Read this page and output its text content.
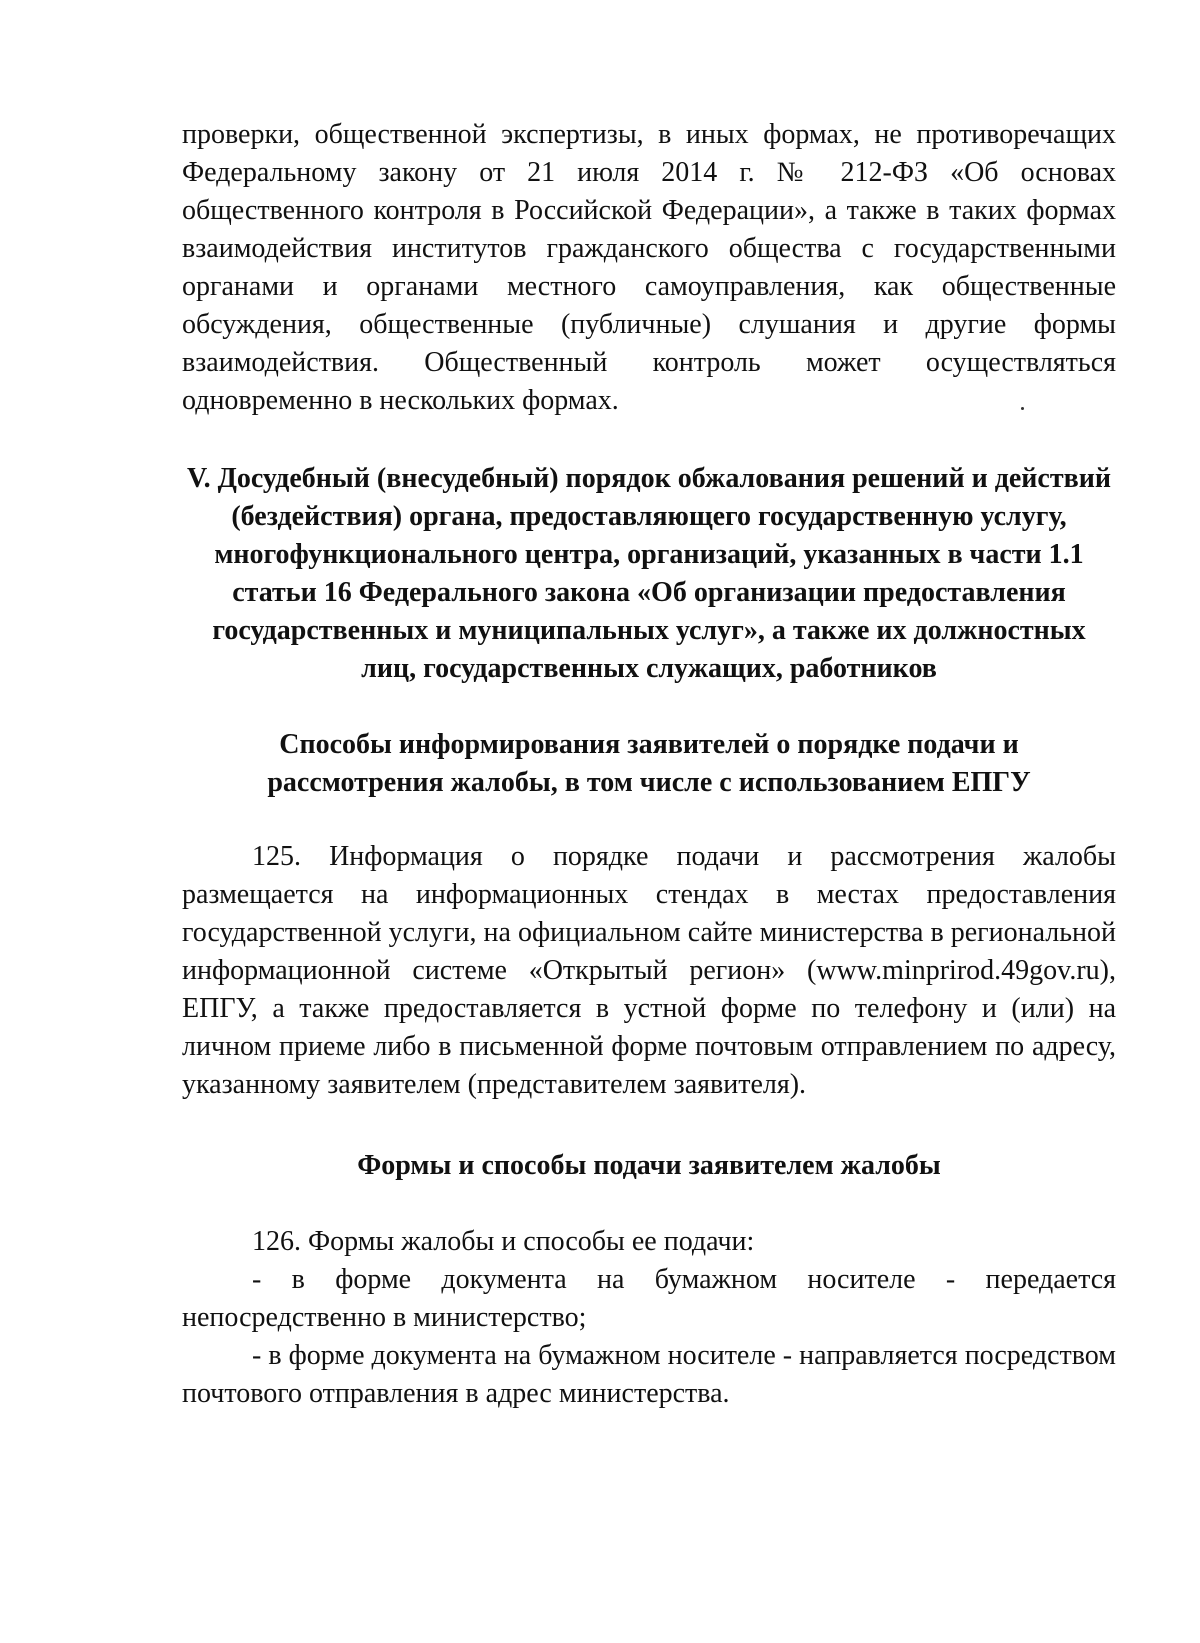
проверки, общественной экспертизы, в иных формах, не противоречащих Федеральному закону от 21 июля 2014 г. № 212-ФЗ «Об основах общественного контроля в Российской Федерации», а также в таких формах взаимодействия институтов гражданского общества с государственными органами и органами местного самоуправления, как общественные обсуждения, общественные (публичные) слушания и другие формы взаимодействия. Общественный контроль может осуществляться одновременно в нескольких формах.

V. Досудебный (внесудебный) порядок обжалования решений и действий (бездействия) органа, предоставляющего государственную услугу, многофункционального центра, организаций, указанных в части 1.1 статьи 16 Федерального закона «Об организации предоставления государственных и муниципальных услуг», а также их должностных лиц, государственных служащих, работников
Способы информирования заявителей о порядке подачи и рассмотрения жалобы, в том числе с использованием ЕПГУ

125. Информация о порядке подачи и рассмотрения жалобы размещается на информационных стендах в местах предоставления государственной услуги, на официальном сайте министерства в региональной информационной системе «Открытый регион» (www.minprirod.49gov.ru), ЕПГУ, а также предоставляется в устной форме по телефону и (или) на личном приеме либо в письменной форме почтовым отправлением по адресу, указанному заявителем (представителем заявителя).

Формы и способы подачи заявителем жалобы

126. Формы жалобы и способы ее подачи:

- в форме документа на бумажном носителе - передается непосредственно в министерство;

- в форме документа на бумажном носителе - направляется посредством почтового отправления в адрес министерства.
